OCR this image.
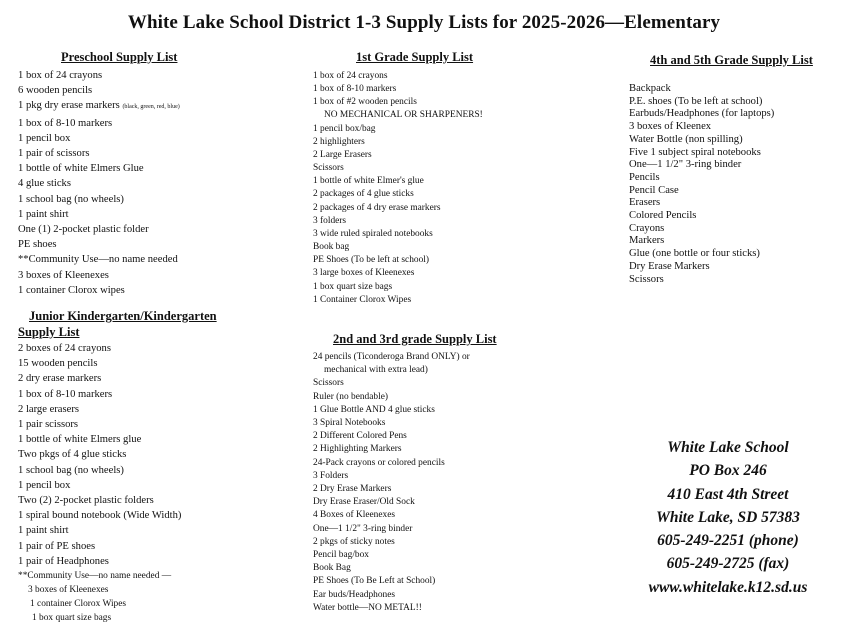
White Lake School District 1-3 Supply Lists for 2025-2026—Elementary
Preschool Supply List
1 box of 24 crayons
6 wooden pencils
1 pkg dry erase markers (black, green, red, blue)
1 box of 8-10 markers
1 pencil box
1 pair of scissors
1 bottle of white Elmers Glue
4 glue sticks
1 school bag (no wheels)
1 paint shirt
One (1) 2-pocket plastic folder
PE shoes
**Community Use—no name needed
3 boxes of Kleenexes
1 container Clorox wipes
Junior Kindergarten/Kindergarten
Supply List
2 boxes of 24 crayons
15 wooden pencils
2 dry erase markers
1 box of 8-10 markers
2 large erasers
1 pair scissors
1 bottle of white Elmers glue
Two pkgs of 4 glue sticks
1 school bag (no wheels)
1 pencil box
Two (2) 2-pocket plastic folders
1 spiral bound notebook (Wide Width)
1 paint shirt
1 pair of PE shoes
1 pair of Headphones
**Community Use—no name needed —
3 boxes of Kleenexes
1 container Clorox Wipes
1 box quart size bags
1st Grade Supply List
1 box of 24 crayons
1 box of 8-10 markers
1 box of #2 wooden pencils
NO MECHANICAL OR SHARPENERS!
1 pencil box/bag
2 highlighters
2 Large Erasers
Scissors
1 bottle of white Elmer's glue
2 packages of 4 glue sticks
2 packages of 4 dry erase markers
3 folders
3 wide ruled spiraled notebooks
Book bag
PE Shoes (To be left at school)
3 large boxes of Kleenexes
1 box quart size bags
1 Container Clorox Wipes
2nd and 3rd grade Supply List
24 pencils (Ticonderoga Brand ONLY) or
mechanical with extra lead)
Scissors
Ruler (no bendable)
1 Glue Bottle AND 4 glue sticks
3 Spiral Notebooks
2 Different Colored Pens
2 Highlighting Markers
24-Pack crayons or colored pencils
3 Folders
2 Dry Erase Markers
Dry Erase Eraser/Old Sock
4 Boxes of Kleenexes
One—1 1/2" 3-ring binder
2 pkgs of sticky notes
Pencil bag/box
Book Bag
PE Shoes (To Be Left at School)
Ear buds/Headphones
Water bottle—NO METAL!!
4th and 5th Grade Supply List
Backpack
P.E. shoes (To be left at school)
Earbuds/Headphones (for laptops)
3 boxes of Kleenex
Water Bottle (non spilling)
Five 1 subject spiral notebooks
One—1 1/2" 3-ring binder
Pencils
Pencil Case
Erasers
Colored Pencils
Crayons
Markers
Glue (one bottle or four sticks)
Dry Erase Markers
Scissors
White Lake School
PO Box 246
410 East 4th Street
White Lake, SD 57383
605-249-2251 (phone)
605-249-2725 (fax)
www.whitelake.k12.sd.us
